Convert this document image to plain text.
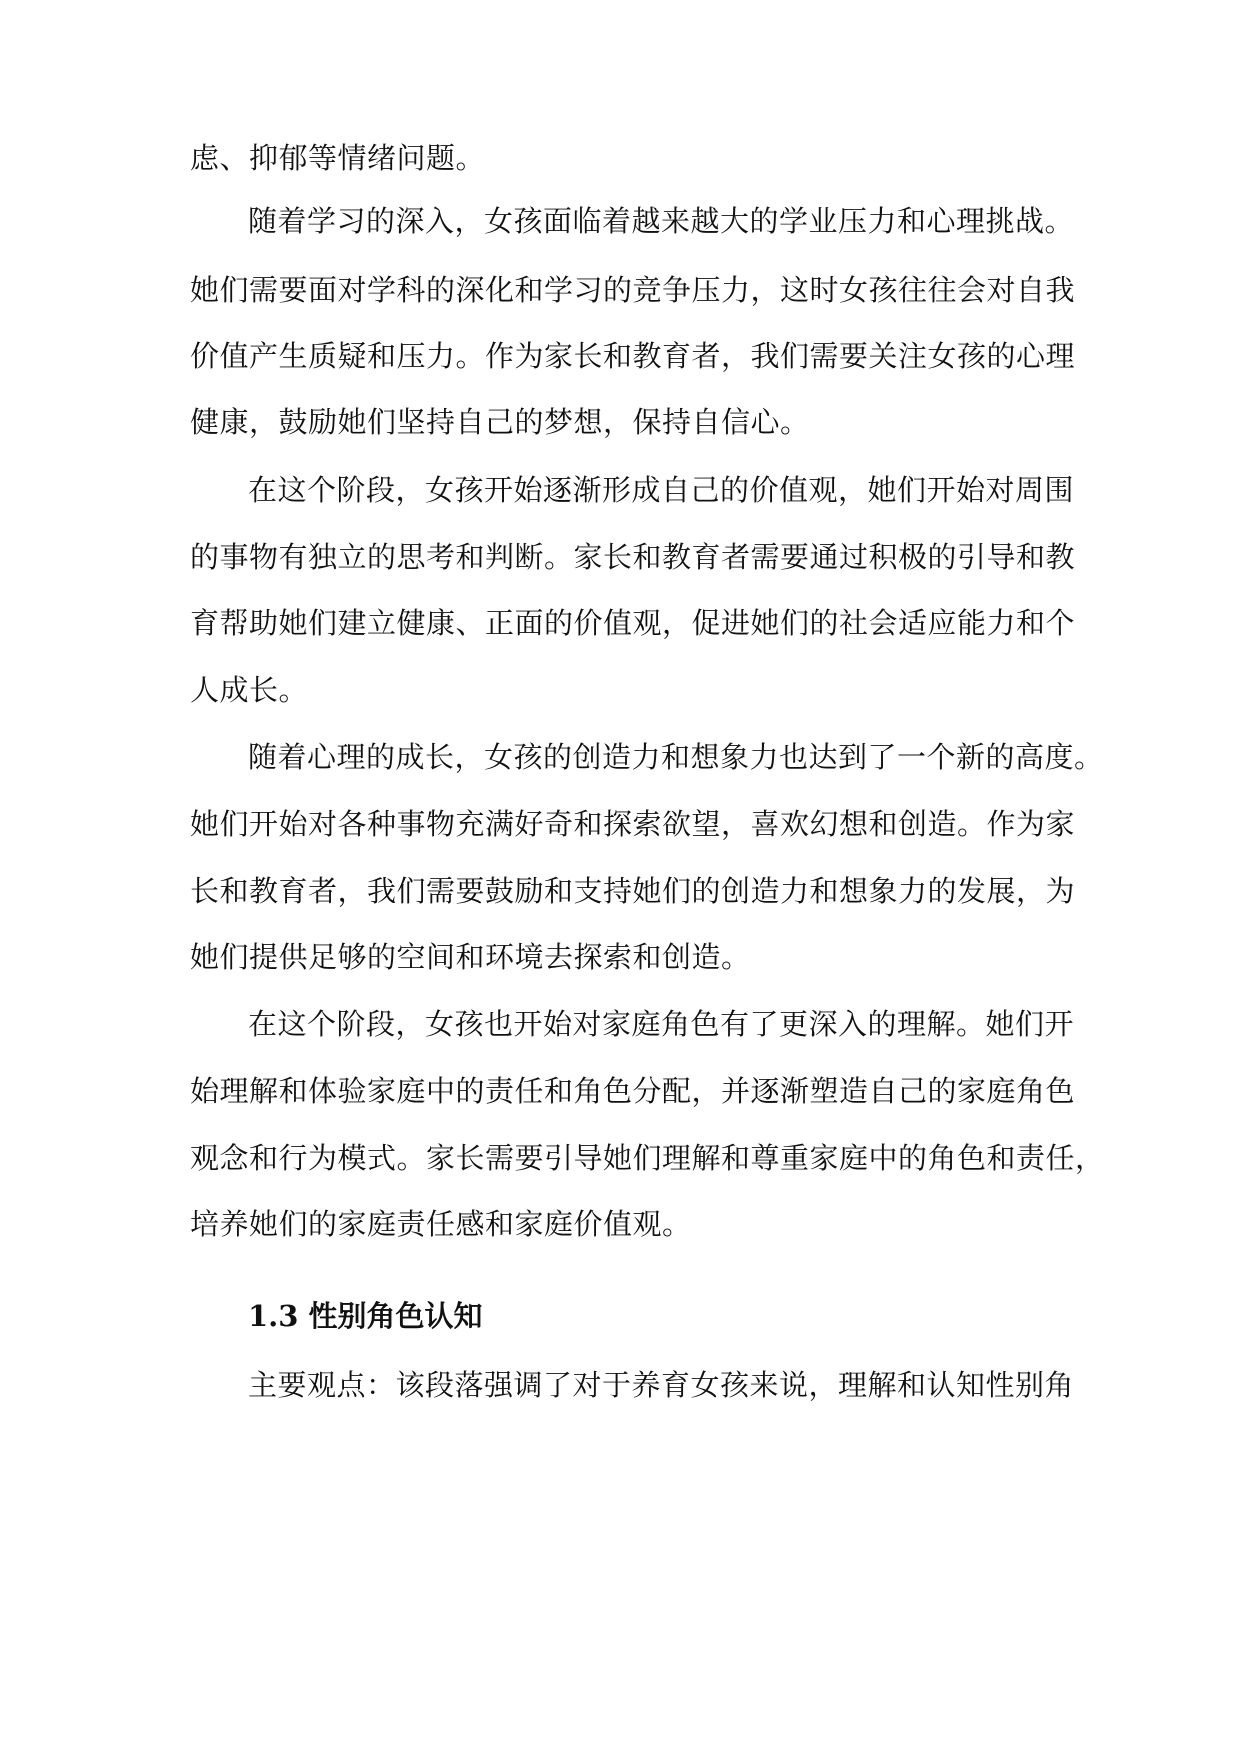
虑、抑郁等情绪问题。
随着学习的深入，女孩面临着越来越大的学业压力和心理挑战。
她们需要面对学科的深化和学习的竞争压力，这时女孩往往会对自我
价值产生质疑和压力。作为家长和教育者，我们需要关注女孩的心理
健康，鼓励她们坚持自己的梦想，保持自信心。
在这个阶段，女孩开始逐渐形成自己的价值观，她们开始对周围
的事物有独立的思考和判断。家长和教育者需要通过积极的引导和教
育帮助她们建立健康、正面的价值观，促进她们的社会适应能力和个
人成长。
随着心理的成长，女孩的创造力和想象力也达到了一个新的高度。
她们开始对各种事物充满好奇和探索欲望，喜欢幻想和创造。作为家
长和教育者，我们需要鼓励和支持她们的创造力和想象力的发展，为
她们提供足够的空间和环境去探索和创造。
在这个阶段，女孩也开始对家庭角色有了更深入的理解。她们开
始理解和体验家庭中的责任和角色分配，并逐渐塑造自己的家庭角色
观念和行为模式。家长需要引导她们理解和尊重家庭中的角色和责任，
培养她们的家庭责任感和家庭价值观。
1.3 性别角色认知
主要观点：该段落强调了对于养育女孩来说，理解和认知性别角
